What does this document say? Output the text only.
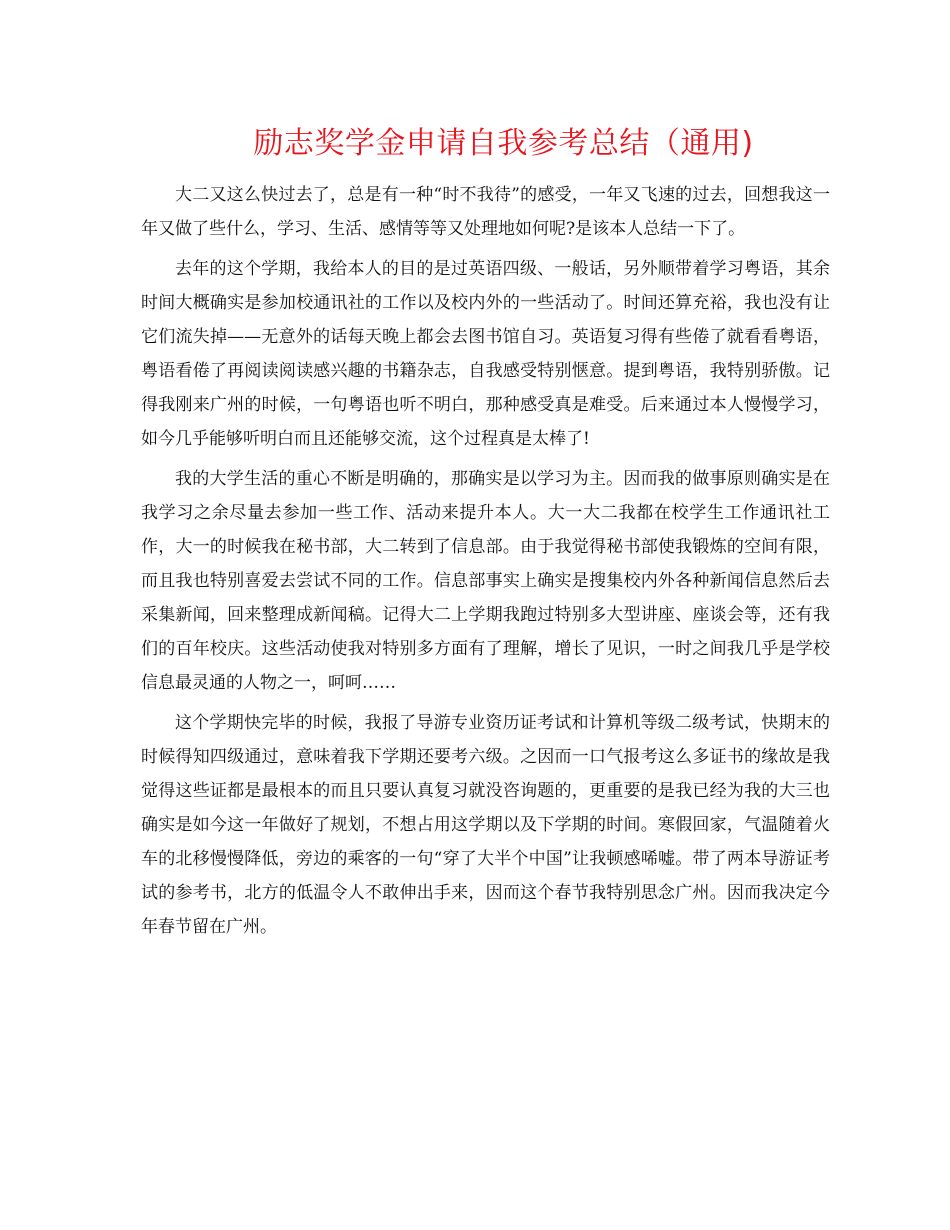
励志奖学金申请自我参考总结（通用)

大二又这么快过去了，总是有一种“时不我待”的感受，一年又飞速的过去，回想我这一年又做了些什么，学习、生活、感情等等又处理地如何呢?是该本人总结一下了。

去年的这个学期，我给本人的目的是过英语四级、一般话，另外顺带着学习粤语，其余时间大概确实是参加校通讯社的工作以及校内外的一些活动了。时间还算充裕，我也没有让它们流失掉——无意外的话每天晚上都会去图书馆自习。英语复习得有些倦了就看看粤语，粤语看倦了再阅读阅读感兴趣的书籍杂志，自我感受特别惬意。提到粤语，我特别骄傲。记得我刚来广州的时候，一句粤语也听不明白，那种感受真是难受。后来通过本人慢慢学习，如今几乎能够听明白而且还能够交流，这个过程真是太棒了!

我的大学生活的重心不断是明确的，那确实是以学习为主。因而我的做事原则确实是在我学习之余尽量去参加一些工作、活动来提升本人。大一大二我都在校学生工作通讯社工作，大一的时候我在秘书部，大二转到了信息部。由于我觉得秘书部使我锻炼的空间有限，而且我也特别喜爱去尝试不同的工作。信息部事实上确实是搜集校内外各种新闻信息然后去采集新闻，回来整理成新闻稿。记得大二上学期我跑过特别多大型讲座、座谈会等，还有我们的百年校庆。这些活动使我对特别多方面有了理解，增长了见识，一时之间我几乎是学校信息最灵通的人物之一，呵呵……

这个学期快完毕的时候，我报了导游专业资历证考试和计算机等级二级考试，快期末的时候得知四级通过，意味着我下学期还要考六级。之因而一口气报考这么多证书的缘故是我觉得这些证都是最根本的而且只要认真复习就没咨询题的，更重要的是我已经为我的大三也确实是如今这一年做好了规划，不想占用这学期以及下学期的时间。寒假回家，气温随着火车的北移慢慢降低，旁边的乘客的一句“穿了大半个中国”让我顿感唏嘘。带了两本导游证考试的参考书，北方的低温令人不敢伸出手来，因而这个春节我特别思念广州。因而我决定今年春节留在广州。
